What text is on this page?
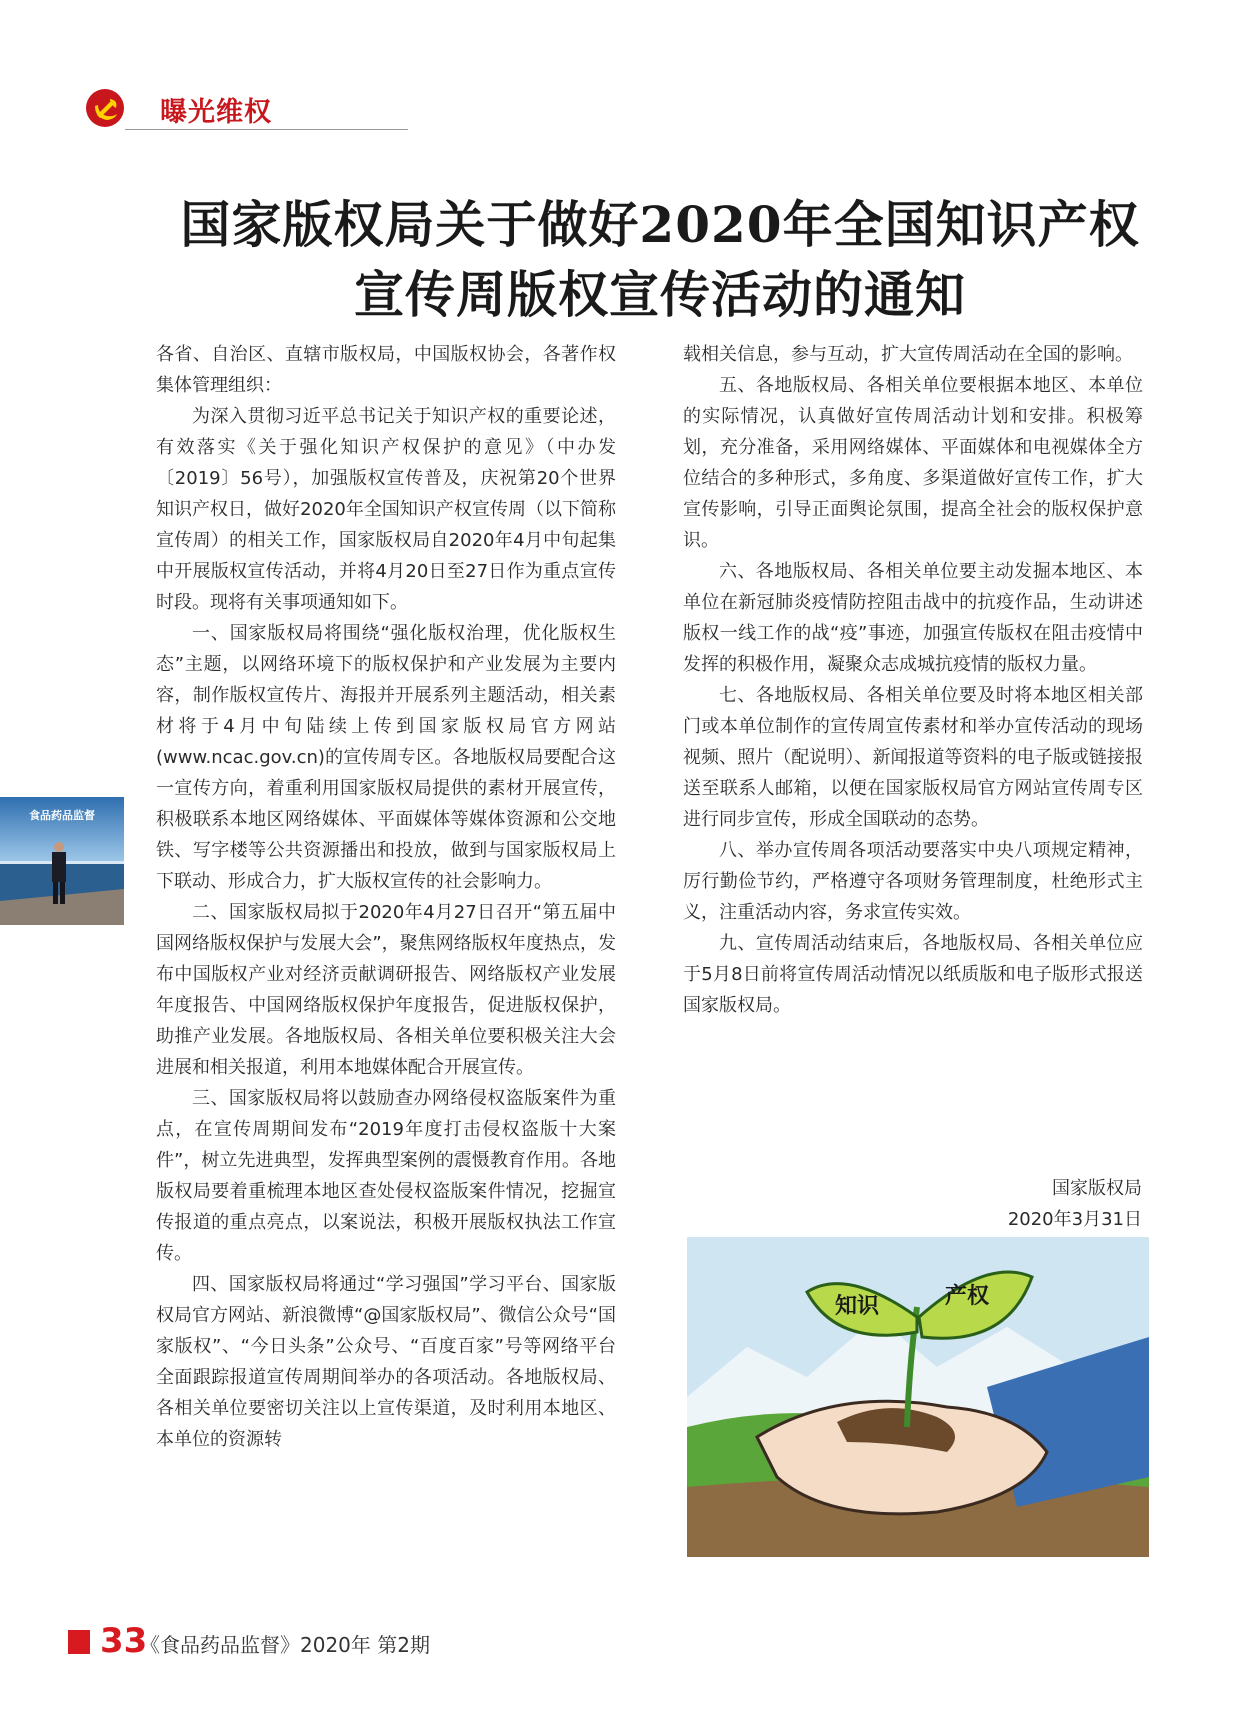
曝光维权
国家版权局关于做好2020年全国知识产权
宣传周版权宣传活动的通知

各省、自治区、直辖市版权局，中国版权协会，各著作权集体管理组织：

为深入贯彻习近平总书记关于知识产权的重要论述，有效落实《关于强化知识产权保护的意见》（中办发〔2019〕56号），加强版权宣传普及，庆祝第20个世界知识产权日，做好2020年全国知识产权宣传周（以下简称宣传周）的相关工作，国家版权局自2020年4月中旬起集中开展版权宣传活动，并将4月20日至27日作为重点宣传时段。现将有关事项通知如下。

一、国家版权局将围绕“强化版权治理，优化版权生态”主题，以网络环境下的版权保护和产业发展为主要内容，制作版权宣传片、海报并开展系列主题活动，相关素材将于4月中旬陆续上传到国家版权局官方网站(www.ncac.gov.cn)的宣传周专区。各地版权局要配合这一宣传方向，着重利用国家版权局提供的素材开展宣传，积极联系本地区网络媒体、平面媒体等媒体资源和公交地铁、写字楼等公共资源播出和投放，做到与国家版权局上下联动、形成合力，扩大版权宣传的社会影响力。

二、国家版权局拟于2020年4月27日召开“第五届中国网络版权保护与发展大会”，聚焦网络版权年度热点，发布中国版权产业对经济贡献调研报告、网络版权产业发展年度报告、中国网络版权保护年度报告，促进版权保护，助推产业发展。各地版权局、各相关单位要积极关注大会进展和相关报道，利用本地媒体配合开展宣传。

三、国家版权局将以鼓励查办网络侵权盗版案件为重点，在宣传周期间发布“2019年度打击侵权盗版十大案件”，树立先进典型，发挥典型案例的震慑教育作用。各地版权局要着重梳理本地区查处侵权盗版案件情况，挖掘宣传报道的重点亮点，以案说法，积极开展版权执法工作宣传。

四、国家版权局将通过“学习强国”学习平台、国家版权局官方网站、新浪微博“@国家版权局”、微信公众号“国家版权”、“今日头条”公众号、“百度百家”号等网络平台全面跟踪报道宣传周期间举办的各项活动。各地版权局、各相关单位要密切关注以上宣传渠道，及时利用本地区、本单位的资源转

载相关信息，参与互动，扩大宣传周活动在全国的影响。

五、各地版权局、各相关单位要根据本地区、本单位的实际情况，认真做好宣传周活动计划和安排。积极筹划，充分准备，采用网络媒体、平面媒体和电视媒体全方位结合的多种形式，多角度、多渠道做好宣传工作，扩大宣传影响，引导正面舆论氛围，提高全社会的版权保护意识。

六、各地版权局、各相关单位要主动发掘本地区、本单位在新冠肺炎疫情防控阻击战中的抗疫作品，生动讲述版权一线工作的战“疫”事迹，加强宣传版权在阻击疫情中发挥的积极作用，凝聚众志成城抗疫情的版权力量。

七、各地版权局、各相关单位要及时将本地区相关部门或本单位制作的宣传周宣传素材和举办宣传活动的现场视频、照片（配说明）、新闻报道等资料的电子版或链接报送至联系人邮箱，以便在国家版权局官方网站宣传周专区进行同步宣传，形成全国联动的态势。

八、举办宣传周各项活动要落实中央八项规定精神，厉行勤俭节约，严格遵守各项财务管理制度，杜绝形式主义，注重活动内容，务求宣传实效。

九、宣传周活动结束后，各地版权局、各相关单位应于5月8日前将宣传周活动情况以纸质版和电子版形式报送国家版权局。

国家版权局
2020年3月31日
食品药品监督
知识	产权
33
《食品药品监督》2020年 第2期
